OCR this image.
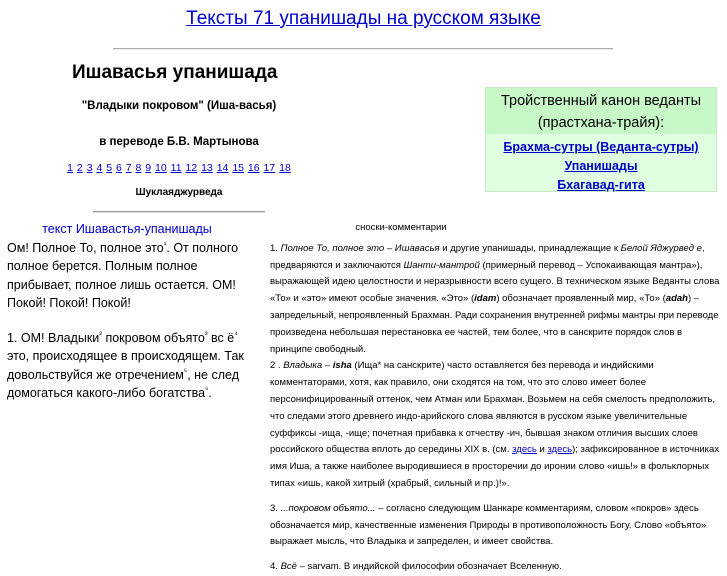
Тексты 71 упанишады на русском языке
Ишавасья упанишада
"Владыки покровом" (Иша-васья)
в переводе Б.В. Мартынова
1 2 3 4 5 6 7 8 9 10 11 12 13 14 15 16 17 18
Шуклаяджурведа
Тройственный канон веданты
(прастхана-трайя):
Брахма-сутры (Веданта-сутры)
Упанишады
Бхагавад-гита
текст Ишавастья-упанишады
Ом! Полное То, полное это$^{^1}$. От полного полное берется. Полным полное прибывает, полное лишь остается. ОМ! Покой! Покой! Покой!
1. ОМ! Владыки$^{^2}$ покровом объято$^{^3}$ вс $ё^{^4}$ это, происходящее в происходящем. Так довольствуйся же отречением$^{^5}$, не след домогаться какого-либо богатства$^{^6}$.
сноски-комментарии
1. Полное То, полное это – Ишавасья и другие упанишады, принадлежащие к Белой Яджурвед е, предваряются и заключаются Шанти-мантрой (примерный перевод – Успокаивающая мантра»), выражающей идею целостности и неразрывности всего сущего. В техническом языке Веданты слова «То» и «это» имеют особые значения. «Это» (idam) обозначает проявленный мир, «То» (adah) – запредельный, непроявленный Брахман. Ради сохранения внутренней рифмы мантры при переводе произведена небольшая перестановка ее частей, тем более, что в санскрите порядок слов в принципе свободный.
2 . Владыка – isha (Ища* на санскрите) часто оставляется без перевода и индийскими комментаторами, хотя, как правило, они сходятся на том, что это слово имеет более персонифицированный оттенок, чем Атман или Брахман. Возьмем на себя смелость предположить, что следами этого древнего индо-арийского слова являются в русском языке увеличительные суффиксы -ища, -ище; почетная прибавка к отчеству -ич, бывшая знаком отличия высших слоев российского общества вплоть до середины XIX в. (см. здесь и здесь); зафиксированное в источниках имя Иша, а также наиболее выродившиеся в простоpечии до иронии слово «ишь!» в фольклорных типах «ишь, какой хитрый (храбрый, сильный и пр.)!».
3. ...покровом объято... – согласно следующим Шанкаре комментариям, словом «покров» здесь обозначается мир, качественные изменения Природы в противоположность Богу. Слово «объято» выражает мысль, что Владыка и запределен, и имеет свойства.
4. Всё – sarvam. В индийской философии обозначает Вселенную.
